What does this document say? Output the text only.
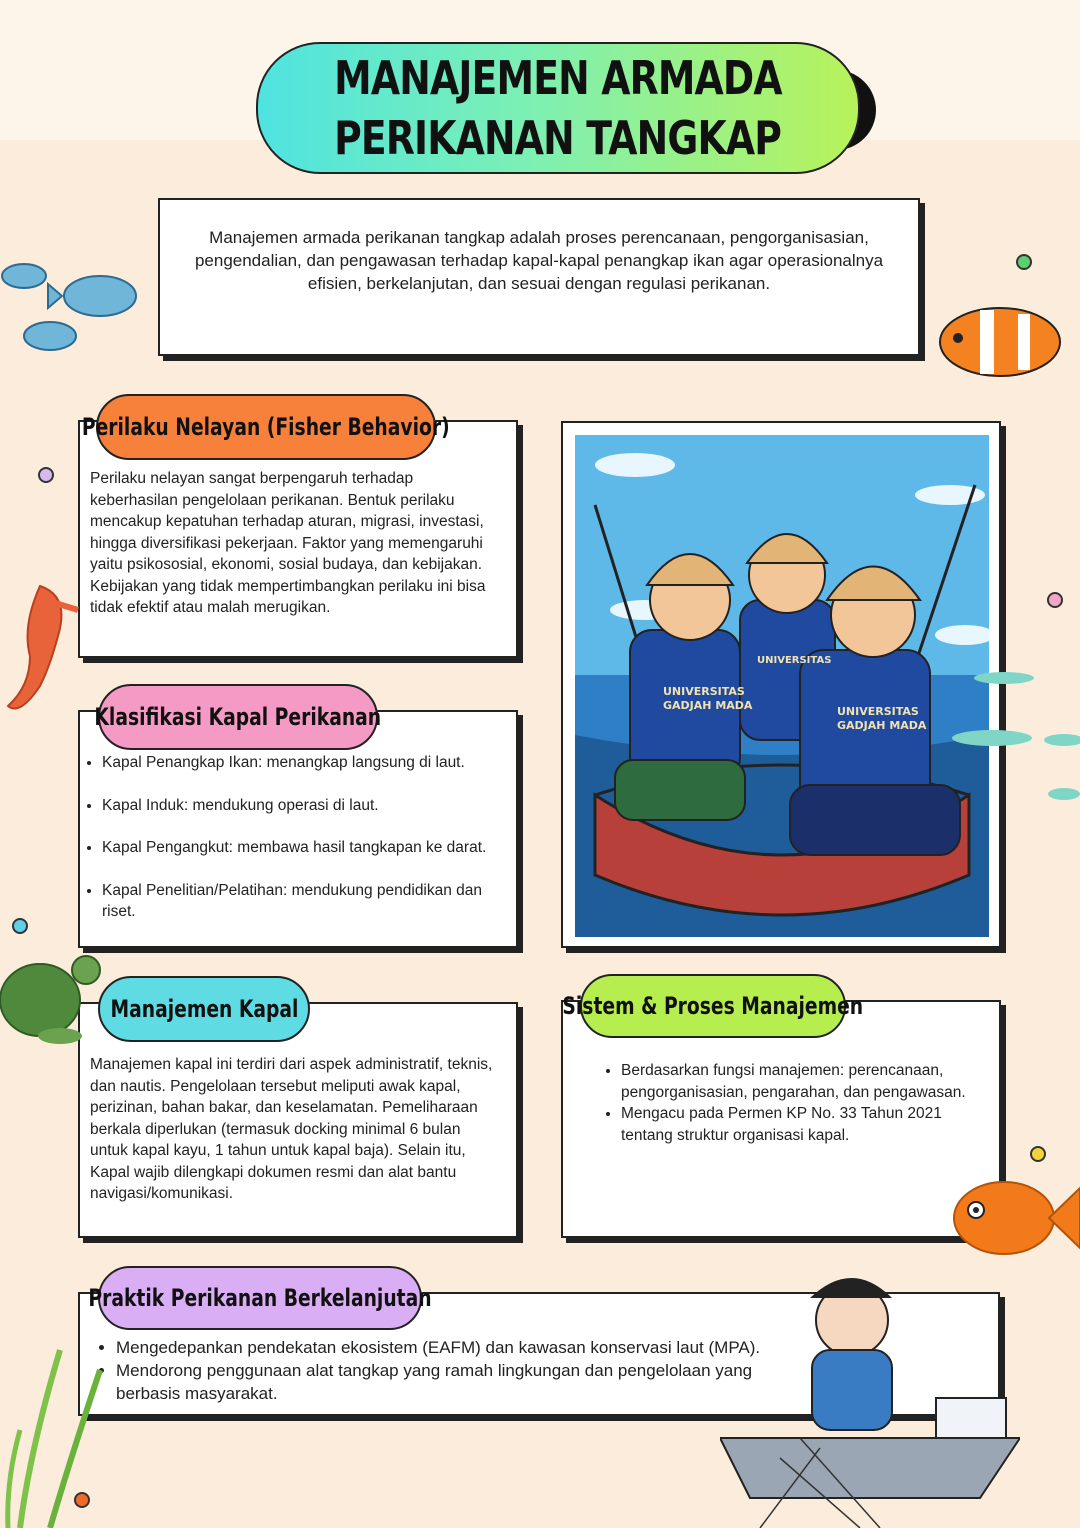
MANAJEMEN ARMADA
PERIKANAN TANGKAP

Manajemen armada perikanan tangkap adalah proses perencanaan, pengorganisasian, pengendalian, dan pengawasan terhadap kapal-kapal penangkap ikan agar operasionalnya efisien, berkelanjutan, dan sesuai dengan regulasi perikanan.

Perilaku Nelayan (Fisher Behavior)
Perilaku nelayan sangat berpengaruh terhadap keberhasilan pengelolaan perikanan. Bentuk perilaku mencakup kepatuhan terhadap aturan, migrasi, investasi, hingga diversifikasi pekerjaan. Faktor yang memengaruhi yaitu psikososial, ekonomi, sosial budaya, dan kebijakan. Kebijakan yang tidak mempertimbangkan perilaku ini bisa tidak efektif atau malah merugikan.
Klasifikasi Kapal Perikanan
• Kapal Penangkap Ikan: menangkap langsung di laut.
• Kapal Induk: mendukung operasi di laut.
• Kapal Pengangkut: membawa hasil tangkapan ke darat.
• Kapal Penelitian/Pelatihan: mendukung pendidikan dan riset.
UNIVERSITAS
GADJAH MADA
UNIVERSITAS
UNIVERSITAS
GADJAH MADA
Manajemen Kapal
Manajemen kapal ini terdiri dari aspek administratif, teknis, dan nautis. Pengelolaan tersebut meliputi awak kapal, perizinan, bahan bakar, dan keselamatan. Pemeliharaan berkala diperlukan (termasuk docking minimal 6 bulan untuk kapal kayu, 1 tahun untuk kapal baja). Selain itu, Kapal wajib dilengkapi dokumen resmi dan alat bantu navigasi/komunikasi.
Sistem & Proses Manajemen
• Berdasarkan fungsi manajemen: perencanaan, pengorganisasian, pengarahan, dan pengawasan.
• Mengacu pada Permen KP No. 33 Tahun 2021 tentang struktur organisasi kapal.
Praktik Perikanan Berkelanjutan
• Mengedepankan pendekatan ekosistem (EAFM) dan kawasan konservasi laut (MPA).
• Mendorong penggunaan alat tangkap yang ramah lingkungan dan pengelolaan yang berbasis masyarakat.
